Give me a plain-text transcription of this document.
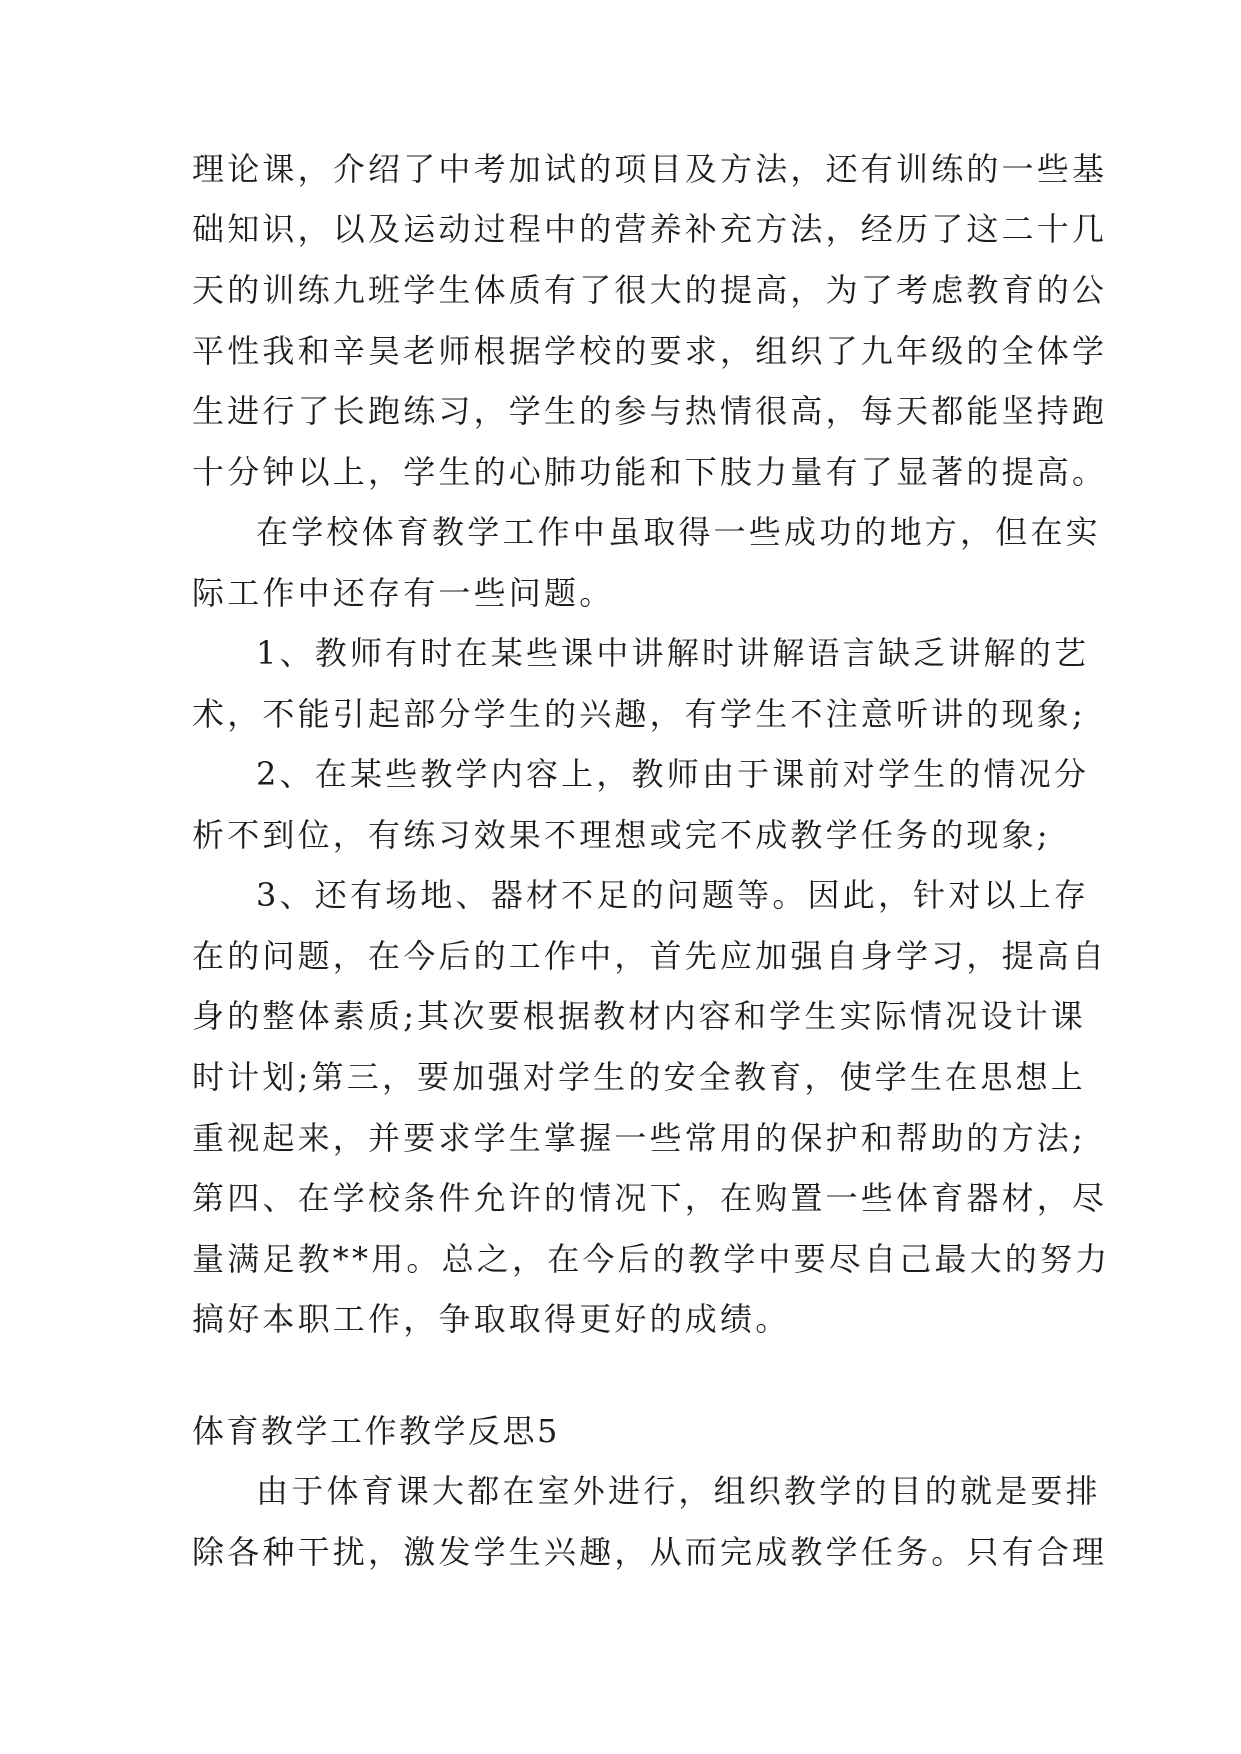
理论课，介绍了中考加试的项目及方法，还有训练的一些基

础知识，以及运动过程中的营养补充方法，经历了这二十几

天的训练九班学生体质有了很大的提高，为了考虑教育的公

平性我和辛昊老师根据学校的要求，组织了九年级的全体学

生进行了长跑练习，学生的参与热情很高，每天都能坚持跑

十分钟以上，学生的心肺功能和下肢力量有了显著的提高。

在学校体育教学工作中虽取得一些成功的地方，但在实

际工作中还存有一些问题。

1、教师有时在某些课中讲解时讲解语言缺乏讲解的艺

术，不能引起部分学生的兴趣，有学生不注意听讲的现象;

2、在某些教学内容上，教师由于课前对学生的情况分

析不到位，有练习效果不理想或完不成教学任务的现象;

3、还有场地、器材不足的问题等。因此，针对以上存

在的问题，在今后的工作中，首先应加强自身学习，提高自

身的整体素质;其次要根据教材内容和学生实际情况设计课

时计划;第三，要加强对学生的安全教育，使学生在思想上

重视起来，并要求学生掌握一些常用的保护和帮助的方法;

第四、在学校条件允许的情况下，在购置一些体育器材，尽

量满足教**用。总之，在今后的教学中要尽自己最大的努力

搞好本职工作，争取取得更好的成绩。

体育教学工作教学反思5

由于体育课大都在室外进行，组织教学的目的就是要排

除各种干扰，激发学生兴趣，从而完成教学任务。只有合理
